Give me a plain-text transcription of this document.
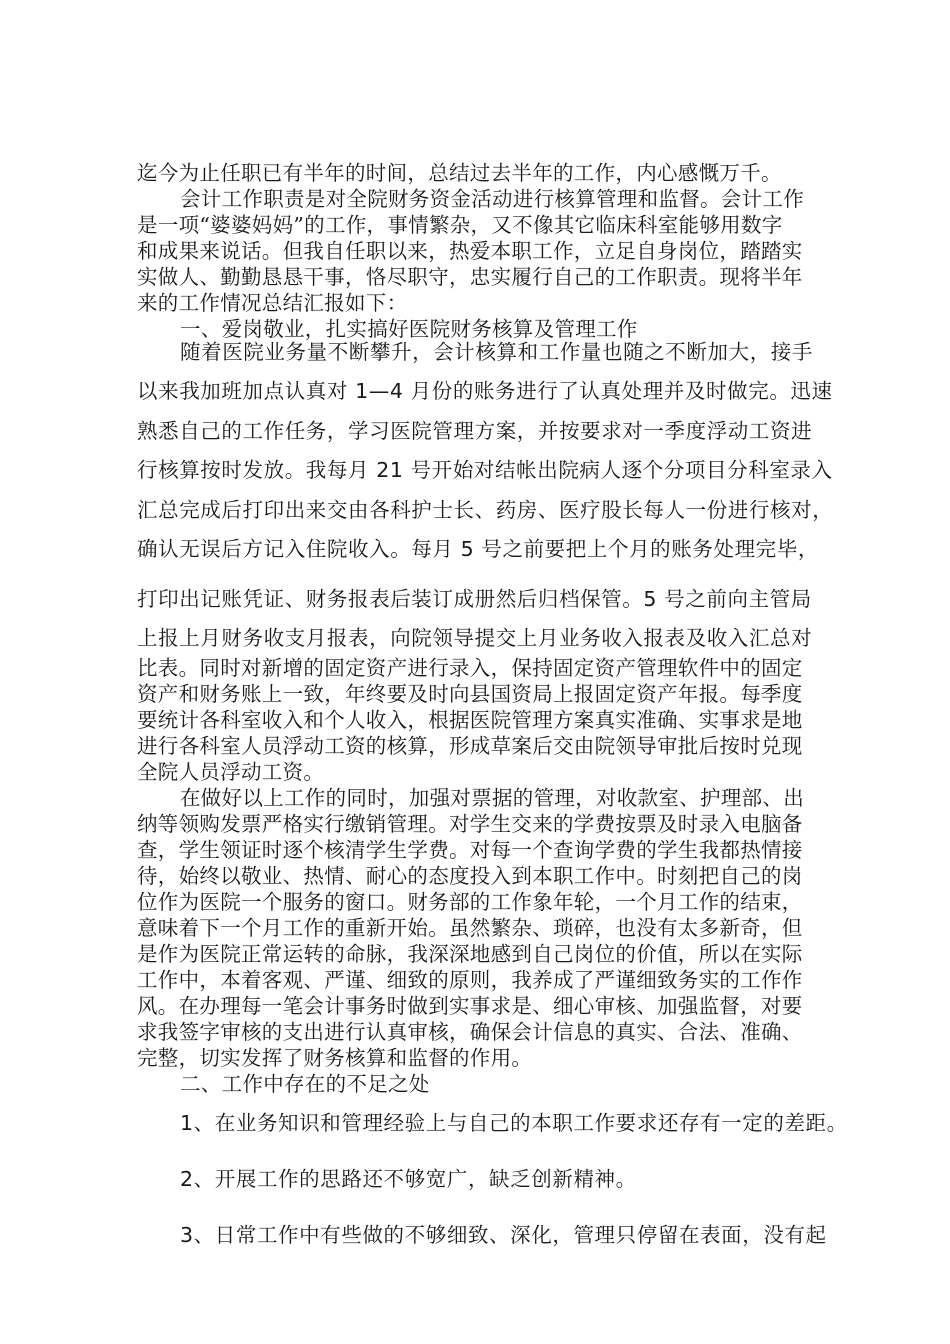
迄今为止任职已有半年的时间，总结过去半年的工作，内心感慨万千。

会计工作职责是对全院财务资金活动进行核算管理和监督。会计工作

是一项“婆婆妈妈”的工作，事情繁杂，又不像其它临床科室能够用数字

和成果来说话。但我自任职以来，热爱本职工作，立足自身岗位，踏踏实

实做人、勤勤恳恳干事，恪尽职守，忠实履行自己的工作职责。现将半年

来的工作情况总结汇报如下：

一、爱岗敬业，扎实搞好医院财务核算及管理工作

随着医院业务量不断攀升，会计核算和工作量也随之不断加大，接手

以来我加班加点认真对 1—4 月份的账务进行了认真处理并及时做完。迅速

熟悉自己的工作任务，学习医院管理方案，并按要求对一季度浮动工资进

行核算按时发放。我每月 21 号开始对结帐出院病人逐个分项目分科室录入

汇总完成后打印出来交由各科护士长、药房、医疗股长每人一份进行核对，

确认无误后方记入住院收入。每月 5 号之前要把上个月的账务处理完毕，

打印出记账凭证、财务报表后装订成册然后归档保管。5 号之前向主管局

上报上月财务收支月报表，向院领导提交上月业务收入报表及收入汇总对

比表。同时对新增的固定资产进行录入，保持固定资产管理软件中的固定

资产和财务账上一致，年终要及时向县国资局上报固定资产年报。每季度

要统计各科室收入和个人收入，根据医院管理方案真实准确、实事求是地

进行各科室人员浮动工资的核算，形成草案后交由院领导审批后按时兑现

全院人员浮动工资。

在做好以上工作的同时，加强对票据的管理，对收款室、护理部、出

纳等领购发票严格实行缴销管理。对学生交来的学费按票及时录入电脑备

查，学生领证时逐个核清学生学费。对每一个查询学费的学生我都热情接

待，始终以敬业、热情、耐心的态度投入到本职工作中。时刻把自己的岗

位作为医院一个服务的窗口。财务部的工作象年轮，一个月工作的结束，

意味着下一个月工作的重新开始。虽然繁杂、琐碎，也没有太多新奇，但

是作为医院正常运转的命脉，我深深地感到自己岗位的价值，所以在实际

工作中，本着客观、严谨、细致的原则，我养成了严谨细致务实的工作作

风。在办理每一笔会计事务时做到实事求是、细心审核、加强监督，对要

求我签字审核的支出进行认真审核，确保会计信息的真实、合法、准确、

完整，切实发挥了财务核算和监督的作用。

二、工作中存在的不足之处

1、在业务知识和管理经验上与自己的本职工作要求还存有一定的差距。

2、开展工作的思路还不够宽广，缺乏创新精神。

3、日常工作中有些做的不够细致、深化，管理只停留在表面，没有起
